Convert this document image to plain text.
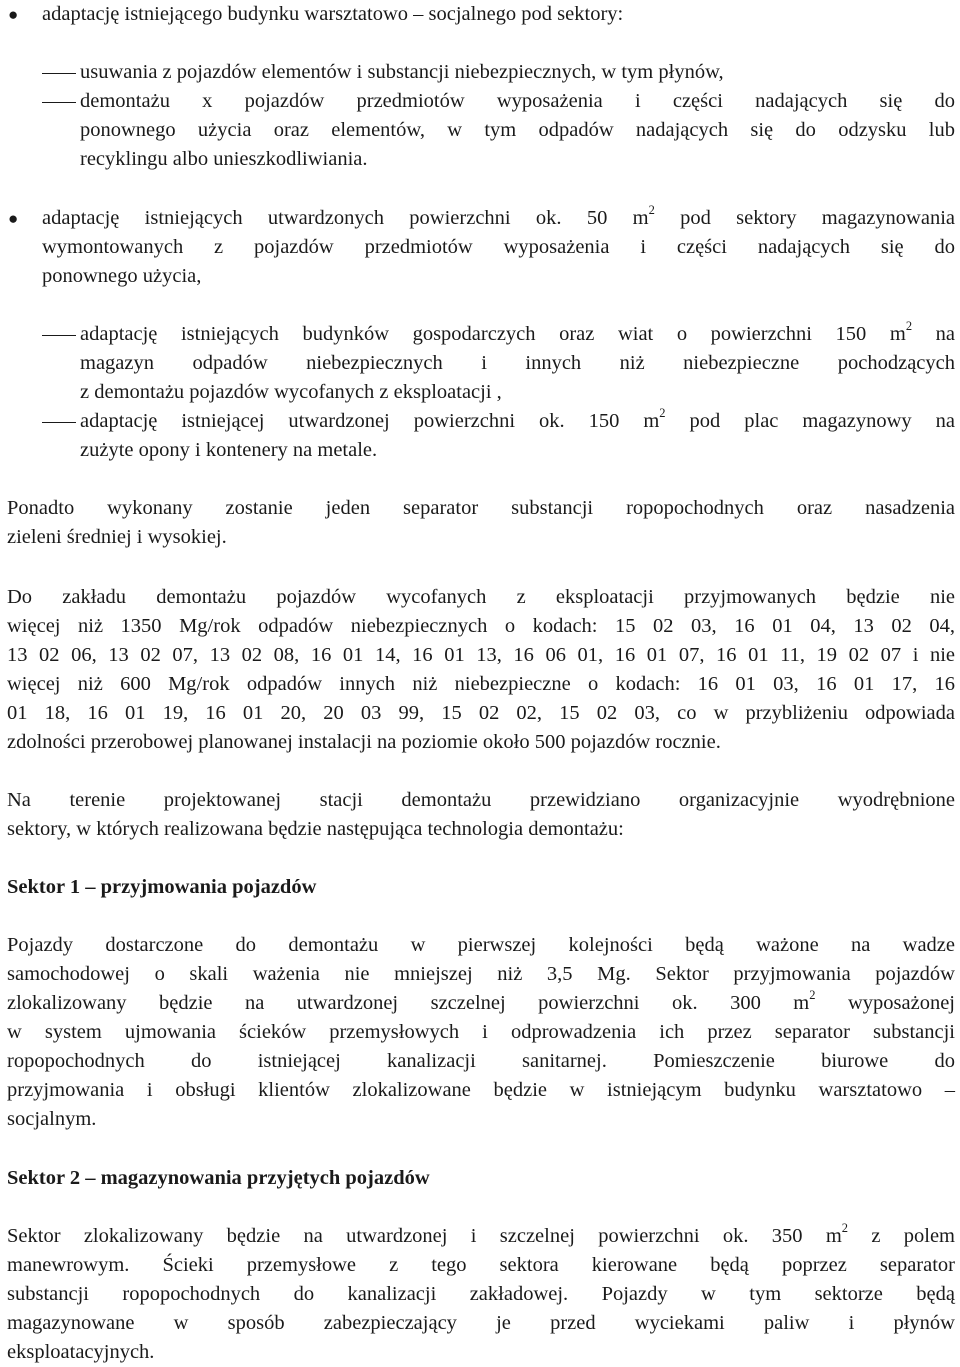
● adaptację istniejącego budynku warsztatowo – socjalnego pod sektory:

usuwania z pojazdów elementów i substancji niebezpiecznych, w tym płynów,

demontażu x pojazdów przedmiotów wyposażenia i części nadających się do

ponownego użycia oraz elementów, w tym odpadów nadających się do odzysku lub

recyklingu albo unieszkodliwiania.

● adaptację istniejących utwardzonych powierzchni ok. 50 $m^2$ pod sektory magazynowania

wymontowanych z pojazdów przedmiotów wyposażenia i części nadających się do

ponownego użycia,

adaptację istniejących budynków gospodarczych oraz wiat o powierzchni 150 $m^2$ na

magazyn odpadów niebezpiecznych i innych niż niebezpieczne pochodzących

z demontażu pojazdów wycofanych z eksploatacji ,

adaptację istniejącej utwardzonej powierzchni ok. 150 $m^2$ pod plac magazynowy na

zużyte opony i kontenery na metale.

Ponadto wykonany zostanie jeden separator substancji ropopochodnych oraz nasadzenia

zieleni średniej i wysokiej.

Do zakładu demontażu pojazdów wycofanych z eksploatacji przyjmowanych będzie nie

więcej niż 1350 Mg/rok odpadów niebezpiecznych o kodach: 15 02 03, 16 01 04, 13 02 04,

13 02 06, 13 02 07, 13 02 08, 16 01 14, 16 01 13, 16 06 01, 16 01 07, 16 01 11, 19 02 07 i nie

więcej niż 600 Mg/rok odpadów innych niż niebezpieczne o kodach: 16 01 03, 16 01 17, 16

01 18, 16 01 19, 16 01 20, 20 03 99, 15 02 02, 15 02 03, co w przybliżeniu odpowiada

zdolności przerobowej planowanej instalacji na poziomie około 500 pojazdów rocznie.

Na terenie projektowanej stacji demontażu przewidziano organizacyjnie wyodrębnione

sektory, w których realizowana będzie następująca technologia demontażu:

Sektor 1 – przyjmowania pojazdów

Pojazdy dostarczone do demontażu w pierwszej kolejności będą ważone na wadze

samochodowej o skali ważenia nie mniejszej niż 3,5 Mg. Sektor przyjmowania pojazdów

zlokalizowany będzie na utwardzonej szczelnej powierzchni ok. 300 $m^2$ wyposażonej

w system ujmowania ścieków przemysłowych i odprowadzenia ich przez separator substancji

ropopochodnych do istniejącej kanalizacji sanitarnej. Pomieszczenie biurowe do

przyjmowania i obsługi klientów zlokalizowane będzie w istniejącym budynku warsztatowo –

socjalnym.

Sektor 2 – magazynowania przyjętych pojazdów

Sektor zlokalizowany będzie na utwardzonej i szczelnej powierzchni ok. 350 $m^2$ z polem

manewrowym. Ścieki przemysłowe z tego sektora kierowane będą poprzez separator

substancji ropopochodnych do kanalizacji zakładowej. Pojazdy w tym sektorze będą

magazynowane w sposób zabezpieczający je przed wyciekami paliw i płynów

eksploatacyjnych.
